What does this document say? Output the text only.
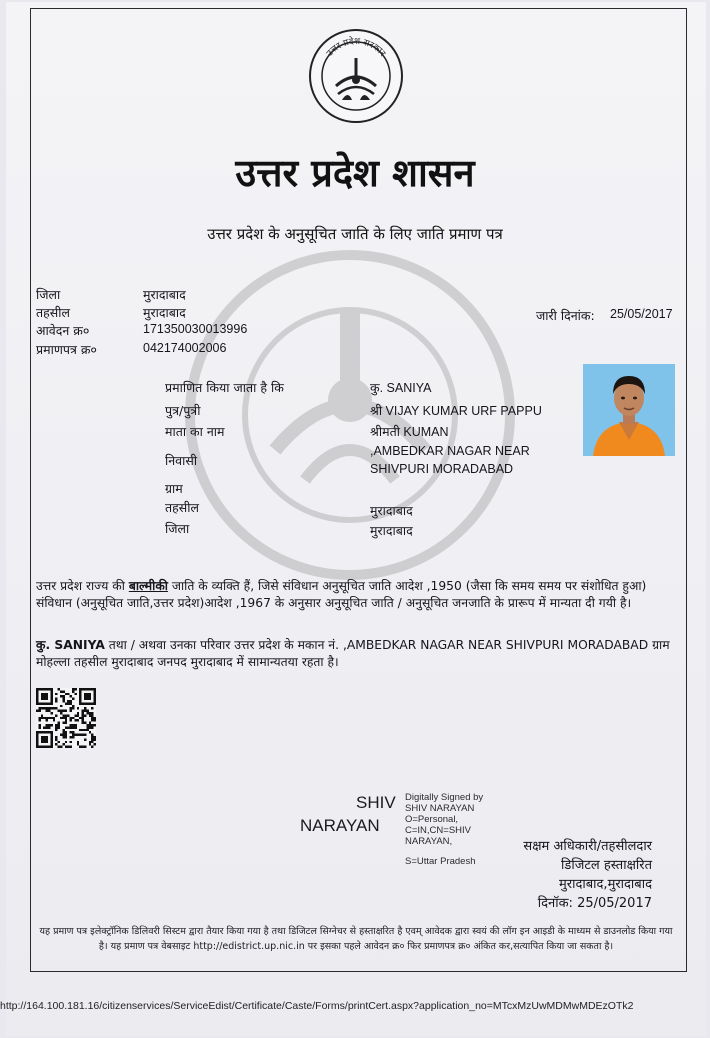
उत्तर प्रदेश सरकार
उत्तर प्रदेश शासन
उत्तर प्रदेश के अनुसूचित जाति के लिए जाति प्रमाण पत्र
जिला	मुरादाबाद
तहसील	मुरादाबाद
आवेदन क्र०	171350030013996
प्रमाणपत्र क्र०	042174002006
जारी दिनांक: 25/05/2017
प्रमाणित किया जाता है कि	कु. SANIYA
पुत्र/पुत्री	श्री VIJAY KUMAR URF PAPPU
माता का नाम	श्रीमती KUMAN
निवासी
,AMBEDKAR NAGAR NEAR
SHIVPURI MORADABAD
ग्राम
तहसील	मुरादाबाद
जिला	मुरादाबाद
उत्तर प्रदेश राज्य की बाल्मीकी जाति के व्यक्ति हैं, जिसे संविधान अनुसूचित जाति आदेश ,1950 (जैसा कि समय समय पर संशोधित हुआ) संविधान (अनुसूचित जाति,उत्तर प्रदेश)आदेश ,1967 के अनुसार अनुसूचित जाति / अनुसूचित जनजाति के प्रारूप में मान्यता दी गयी है।
कु. SANIYA तथा / अथवा उनका परिवार उत्तर प्रदेश के मकान नं. ,AMBEDKAR NAGAR NEAR SHIVPURI MORADABAD ग्राम मोहल्ला तहसील मुरादाबाद जनपद मुरादाबाद में सामान्यतया रहता है।
SHIV
NARAYAN
Digitally Signed by
SHIV NARAYAN
O=Personal,
C=IN,CN=SHIV
NARAYAN,
S=Uttar Pradesh
सक्षम अधिकारी/तहसीलदार
डिजिटल हस्ताक्षरित
मुरादाबाद,मुरादाबाद
दिनॉक: 25/05/2017
यह प्रमाण पत्र इलेक्ट्रॉनिक डिलिवरी सिस्टम द्वारा तैयार किया गया है तथा डिजिटल सिग्नेचर से हस्ताक्षरित है एवम् आवेदक द्वारा स्वयं की लॉग इन आइडी के माध्यम से डाउनलोड किया गया है। यह प्रमाण पत्र वेबसाइट http://edistrict.up.nic.in पर इसका पहले आवेदन क्र० फिर प्रमाणपत्र क्र० अंकित कर,सत्यापित किया जा सकता है।
http://164.100.181.16/citizenservices/ServiceEdist/Certificate/Caste/Forms/printCert.aspx?application_no=MTcxMzUwMDMwMDEzOTk2
